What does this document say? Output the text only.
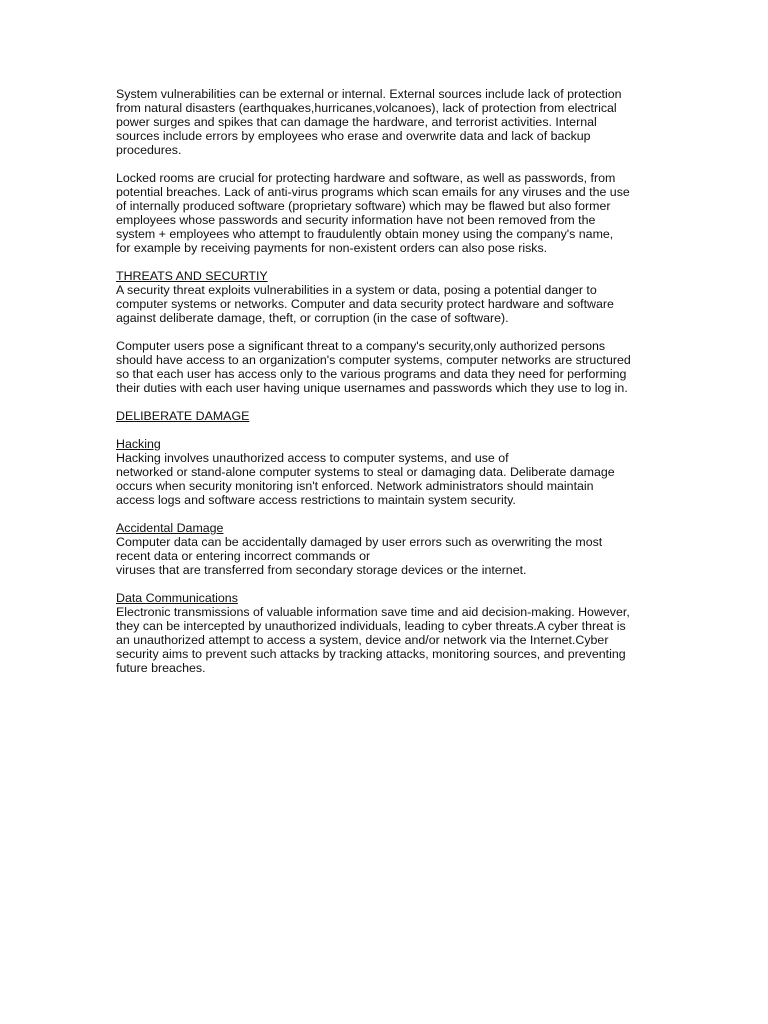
System vulnerabilities can be external or internal. External sources include lack of protection
from natural disasters (earthquakes,hurricanes,volcanoes), lack of protection from electrical
power surges and spikes that can damage the hardware, and terrorist activities. Internal
sources include errors by employees who erase and overwrite data and lack of backup
procedures.

Locked rooms are crucial for protecting hardware and software, as well as passwords, from
potential breaches. Lack of anti-virus programs which scan emails for any viruses and the use
of internally produced software (proprietary software) which may be flawed but also former
employees whose passwords and security information have not been removed from the
system + employees who attempt to fraudulently obtain money using the company's name,
for example by receiving payments for non-existent orders can also pose risks.

THREATS AND SECURTIY

A security threat exploits vulnerabilities in a system or data, posing a potential danger to
computer systems or networks. Computer and data security protect hardware and software
against deliberate damage, theft, or corruption (in the case of software).

Computer users pose a significant threat to a company's security,only authorized persons
should have access to an organization's computer systems, computer networks are structured
so that each user has access only to the various programs and data they need for performing
their duties with each user having unique usernames and passwords which they use to log in.

DELIBERATE DAMAGE
Hacking

Hacking involves unauthorized access to computer systems, and use of
networked or stand-alone computer systems to steal or damaging data. Deliberate damage
occurs when security monitoring isn't enforced. Network administrators should maintain
access logs and software access restrictions to maintain system security.

Accidental Damage

Computer data can be accidentally damaged by user errors such as overwriting the most
recent data or entering incorrect commands or
viruses that are transferred from secondary storage devices or the internet.

Data Communications

Electronic transmissions of valuable information save time and aid decision-making. However,
they can be intercepted by unauthorized individuals, leading to cyber threats.A cyber threat is
an unauthorized attempt to access a system, device and/or network via the Internet.Cyber
security aims to prevent such attacks by tracking attacks, monitoring sources, and preventing
future breaches.
